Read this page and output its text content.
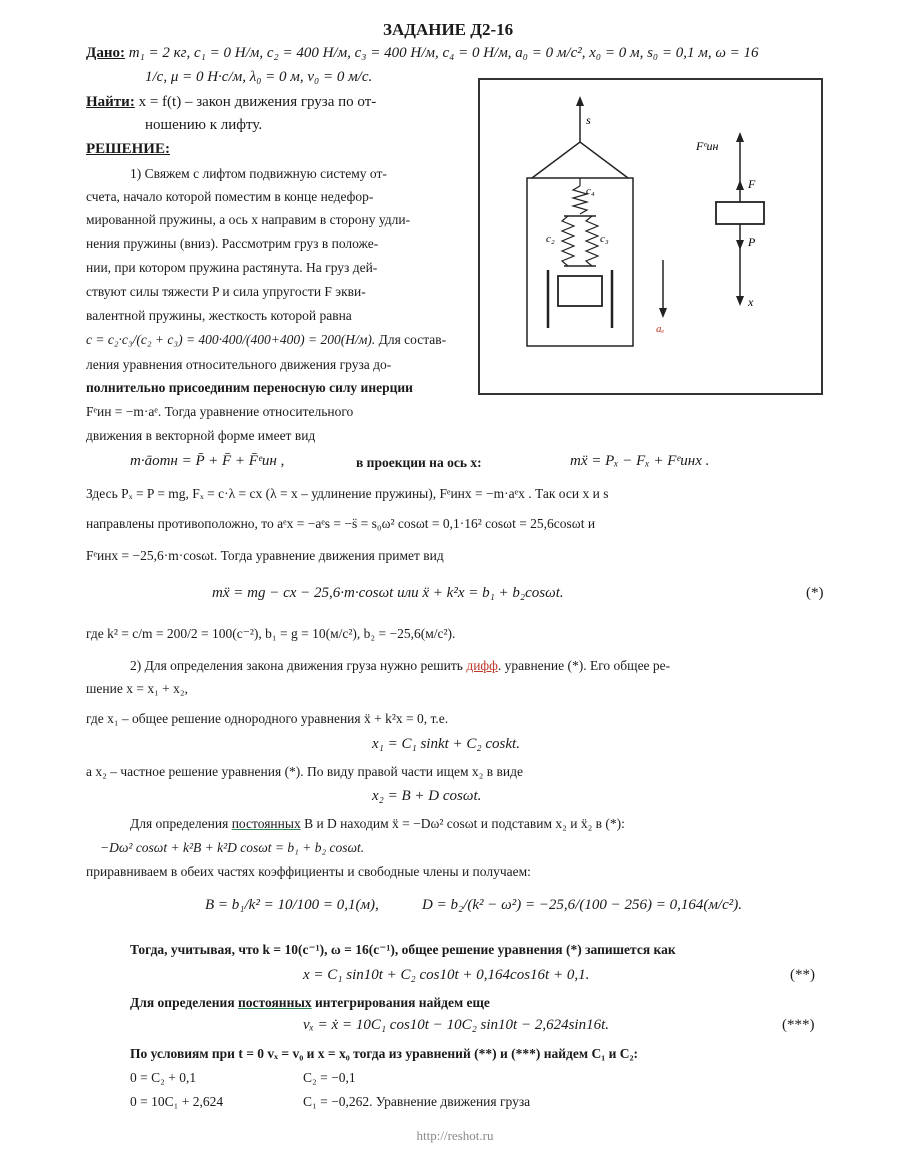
ЗАДАНИЕ Д2-16
Дано: m₁ = 2 кг, c₁ = 0 Н/м, c₂ = 400 Н/м, c₃ = 400 Н/м, c₄ = 0 Н/м, a₀ = 0 м/с², x₀ = 0 м, s₀ = 0,1 м, ω = 16
1/с, μ = 0 Н·с/м, λ₀ = 0 м, v₀ = 0 м/с.
Найти: x = f(t) – закон движения груза по от-
ношению к лифту.
РЕШЕНИЕ:
1) Свяжем с лифтом подвижную систему от-
счета, начало которой поместим в конце недефор-
мированной пружины, а ось x направим в сторону удли-
нения пружины (вниз). Рассмотрим груз в положе-
нии, при котором пружина растянута. На груз дей-
ствуют силы тяжести P и сила упругости F экви-
валентной пружины, жесткость которой равна
c = c₂·c₃/(c₂ + c₃) = 400·400/(400+400) = 200(Н/м). Для состав-
ления уравнения относительного движения груза до-
полнительно присоединим переносную силу инерции
Fᵉин = −m·aᵉ. Тогда уравнение относительного
движения в векторной форме имеет вид
m·āотн = P̄ + F̄ + F̄ᵉин ,	в проекции на ось x:	mẍ = Pₓ − Fₓ + Fᵉинx .
Здесь Pₓ = P = mg, Fₓ = c·λ = cx (λ = x – удлинение пружины), Fᵉинx = −m·aᵉx . Так оси x и s
направлены противоположно, то aᵉx = −aᵉs = −s̈ = s₀ω² cosωt = 0,1·16² cosωt = 25,6cosωt и
Fᵉинx = −25,6·m·cosωt. Тогда уравнение движения примет вид
mẍ = mg − cx − 25,6·m·cosωt или ẍ + k²x = b₁ + b₂cosωt.	(*)
где k² = c/m = 200/2 = 100(с⁻²), b₁ = g = 10(м/с²), b₂ = −25,6(м/с²).
2) Для определения закона движения груза нужно решить дифф. уравнение (*). Его общее ре-
шение x = x₁ + x₂,
где x₁ – общее решение однородного уравнения ẍ + k²x = 0, т.е.
x₁ = C₁ sinkt + C₂ coskt.
а x₂ – частное решение уравнения (*). По виду правой части ищем x₂ в виде
x₂ = B + D cosωt.
Для определения постоянных B и D находим ẍ = −Dω² cosωt и подставим x₂ и ẍ₂ в (*):
−Dω² cosωt + k²B + k²D cosωt = b₁ + b₂ cosωt.
приравниваем в обеих частях коэффициенты и свободные члены и получаем:
B = b₁/k² = 10/100 = 0,1(м),	D = b₂/(k² − ω²) = −25,6/(100 − 256) = 0,164(м/с²).
Тогда, учитывая, что k = 10(с⁻¹), ω = 16(с⁻¹), общее решение уравнения (*) запишется как
x = C₁ sin10t + C₂ cos10t + 0,164cos16t + 0,1.	(**)
Для определения постоянных интегрирования найдем еще
vₓ = ẋ = 10C₁ cos10t − 10C₂ sin10t − 2,624sin16t.	(***)
По условиям при t = 0 vₓ = v₀ и x = x₀ тогда из уравнений (**) и (***) найдем C₁ и C₂:
0 = C₂ + 0,1	C₂ = −0,1
0 = 10C₁ + 2,624	C₁ = −0,262. Уравнение движения груза
c₄
c₂	c₃
s
aₑ
Fᵉин
F
P
x
http://reshot.ru
